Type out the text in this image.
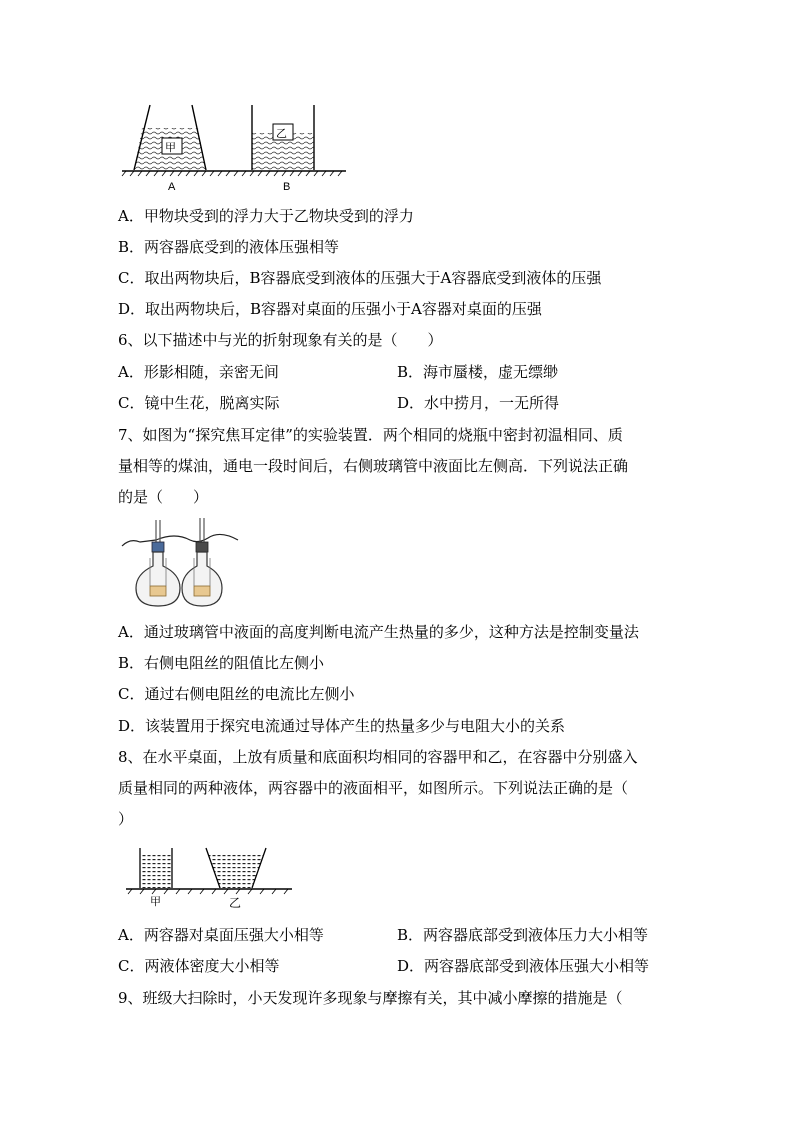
甲
乙
A	B
A．甲物块受到的浮力大于乙物块受到的浮力
B．两容器底受到的液体压强相等
C．取出两物块后，B容器底受到液体的压强大于A容器底受到液体的压强
D．取出两物块后，B容器对桌面的压强小于A容器对桌面的压强
6、以下描述中与光的折射现象有关的是（　　）
A．形影相随，亲密无间	B．海市蜃楼，虚无缥缈
C．镜中生花，脱离实际	D．水中捞月，一无所得
7、如图为“探究焦耳定律”的实验装置．两个相同的烧瓶中密封初温相同、质
量相等的煤油，通电一段时间后，右侧玻璃管中液面比左侧高．下列说法正确
的是（　　）
A．通过玻璃管中液面的高度判断电流产生热量的多少，这种方法是控制变量法
B．右侧电阻丝的阻值比左侧小
C．通过右侧电阻丝的电流比左侧小
D．该装置用于探究电流通过导体产生的热量多少与电阻大小的关系
8、在水平桌面，上放有质量和底面积均相同的容器甲和乙，在容器中分别盛入
质量相同的两种液体，两容器中的液面相平，如图所示。下列说法正确的是（
）
甲	乙
A．两容器对桌面压强大小相等	B．两容器底部受到液体压力大小相等
C．两液体密度大小相等	D．两容器底部受到液体压强大小相等
9、班级大扫除时，小天发现许多现象与摩擦有关，其中减小摩擦的措施是（
